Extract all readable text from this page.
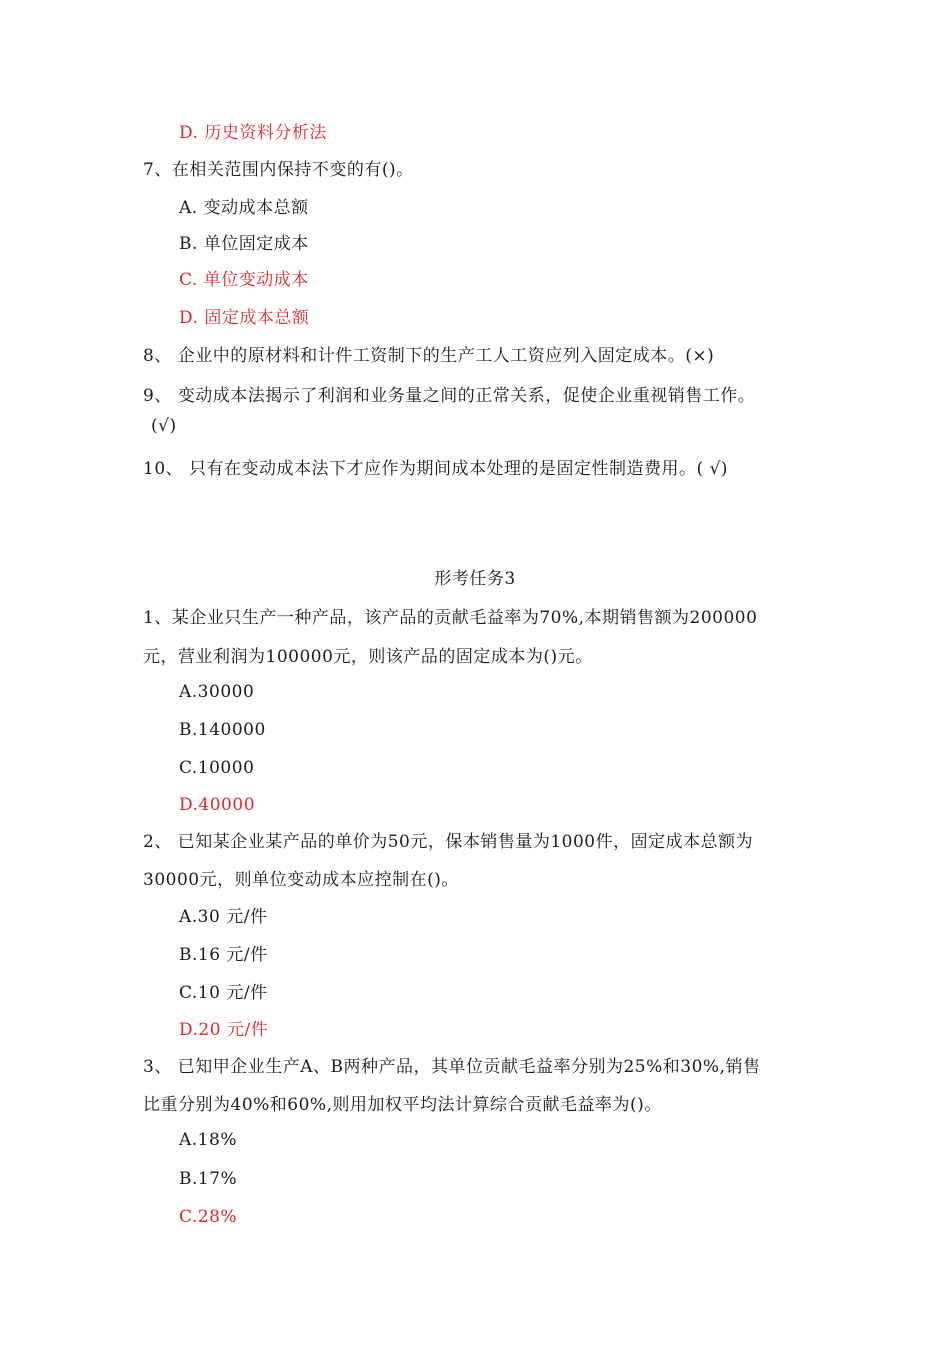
D. 历史资料分析法
7、在相关范围内保持不变的有()。
A. 变动成本总额
B. 单位固定成本
C. 单位变动成本
D. 固定成本总额
8、 企业中的原材料和计件工资制下的生产工人工资应列入固定成本。(×)
9、 变动成本法揭示了利润和业务量之间的正常关系，促使企业重视销售工作。
(√)
10、 只有在变动成本法下才应作为期间成本处理的是固定性制造费用。( √)
形考任务3
1、某企业只生产一种产品，该产品的贡献毛益率为70%,本期销售额为200000
元，营业利润为100000元，则该产品的固定成本为()元。
A.30000
B.140000
C.10000
D.40000
2、 已知某企业某产品的单价为50元，保本销售量为1000件，固定成本总额为
30000元，则单位变动成本应控制在()。
A.30 元/件
B.16 元/件
C.10 元/件
D.20 元/件
3、 已知甲企业生产A、B两种产品，其单位贡献毛益率分别为25%和30%,销售
比重分别为40%和60%,则用加权平均法计算综合贡献毛益率为()。
A.18%
B.17%
C.28%
